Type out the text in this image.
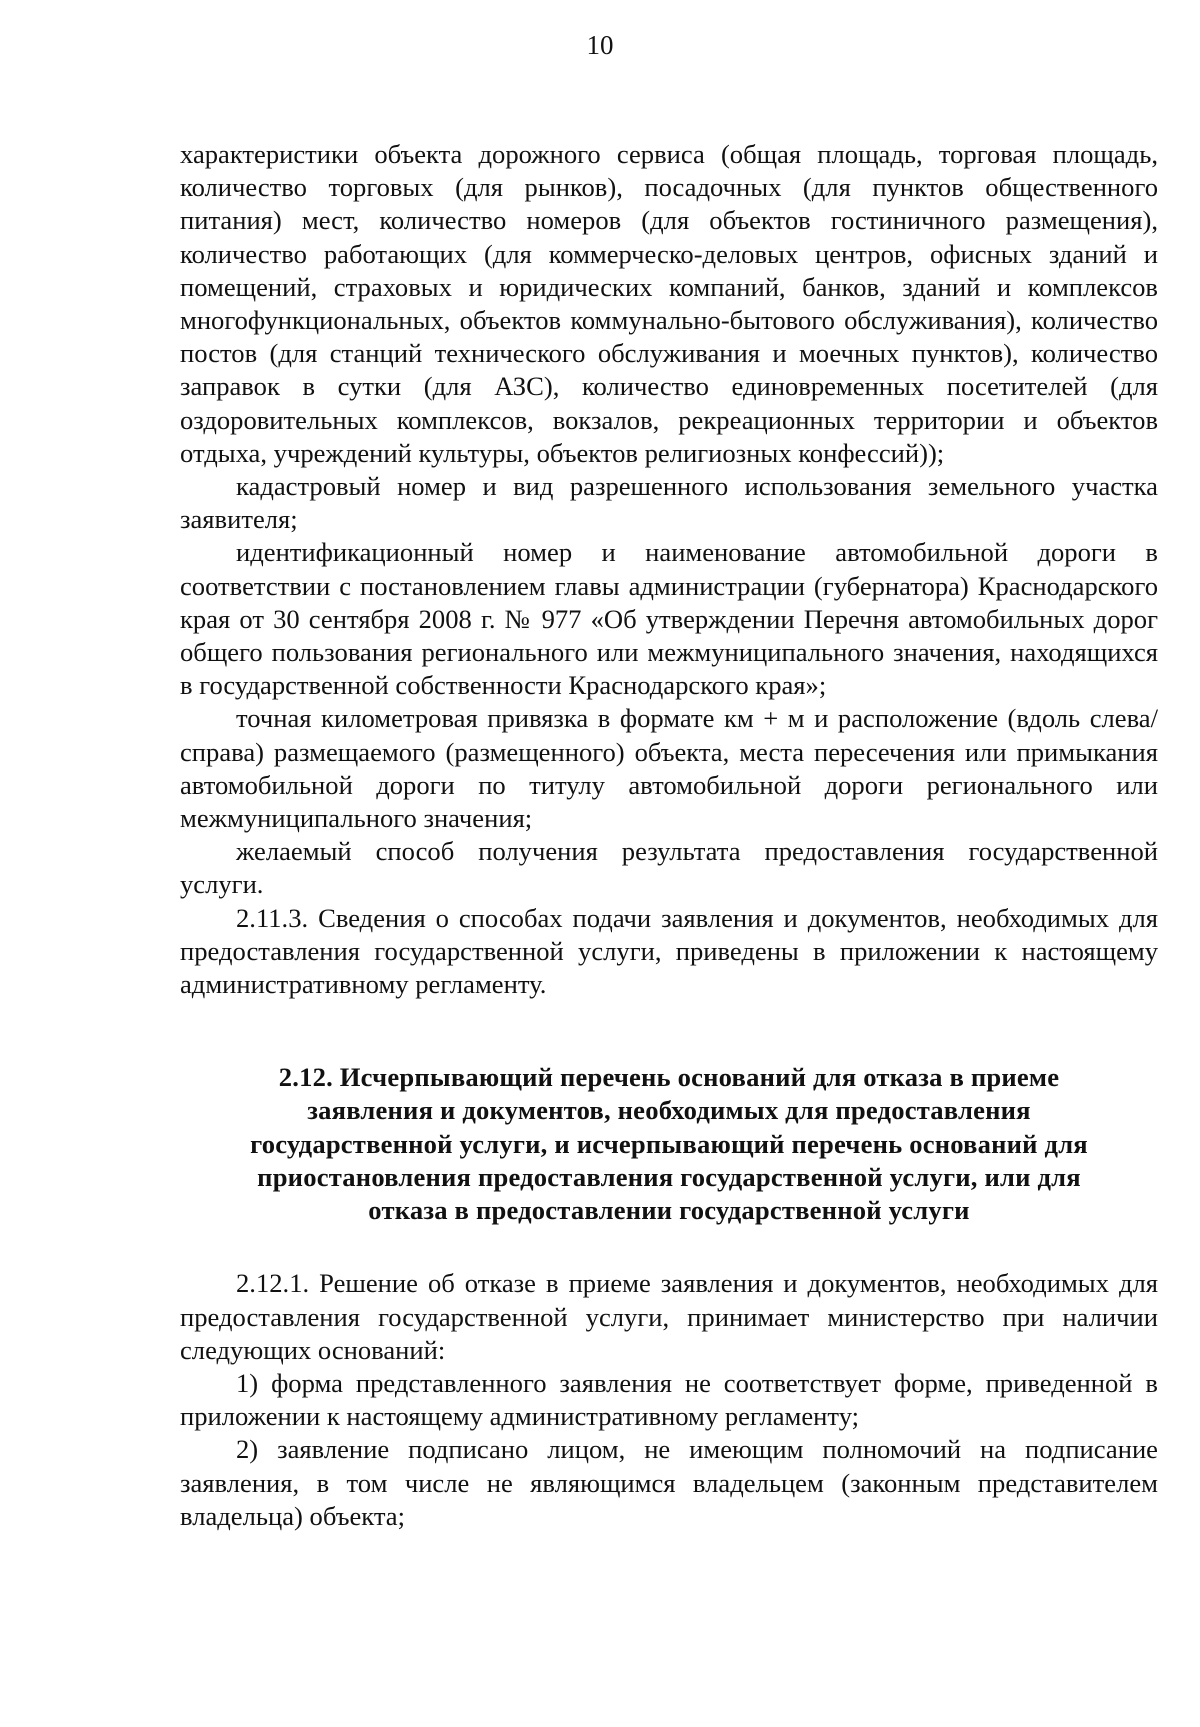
10

характеристики объекта дорожного сервиса (общая площадь, торговая площадь, количество торговых (для рынков), посадочных (для пунктов общественного питания) мест, количество номеров (для объектов гостиничного размещения), количество работающих (для коммерческо-деловых центров, офисных зданий и помещений, страховых и юридических компаний, банков, зданий и комплексов многофункциональных, объектов коммунально-бытового обслуживания), количество постов (для станций технического обслуживания и моечных пунктов), количество заправок в сутки (для АЗС), количество единовременных посетителей (для оздоровительных комплексов, вокзалов, рекреационных территории и объектов отдыха, учреждений культуры, объектов религиозных конфессий));

кадастровый номер и вид разрешенного использования земельного участка заявителя;

идентификационный номер и наименование автомобильной дороги в соответствии с постановлением главы администрации (губернатора) Краснодарского края от 30 сентября 2008 г. № 977 «Об утверждении Перечня автомобильных дорог общего пользования регионального или межмуниципального значения, находящихся в государственной собственности Краснодарского края»;

точная километровая привязка в формате км + м и расположение (вдоль слева/справа) размещаемого (размещенного) объекта, места пересечения или примыкания автомобильной дороги по титулу автомобильной дороги регионального или межмуниципального значения;

желаемый способ получения результата предоставления государственной услуги.

2.11.3. Сведения о способах подачи заявления и документов, необходимых для предоставления государственной услуги, приведены в приложении к настоящему административному регламенту.

2.12. Исчерпывающий перечень оснований для отказа в приеме заявления и документов, необходимых для предоставления государственной услуги, и исчерпывающий перечень оснований для приостановления предоставления государственной услуги, или для отказа в предоставлении государственной услуги

2.12.1. Решение об отказе в приеме заявления и документов, необходимых для предоставления государственной услуги, принимает министерство при наличии следующих оснований:

1) форма представленного заявления не соответствует форме, приведенной в приложении к настоящему административному регламенту;

2) заявление подписано лицом, не имеющим полномочий на подписание заявления, в том числе не являющимся владельцем (законным представителем владельца) объекта;
